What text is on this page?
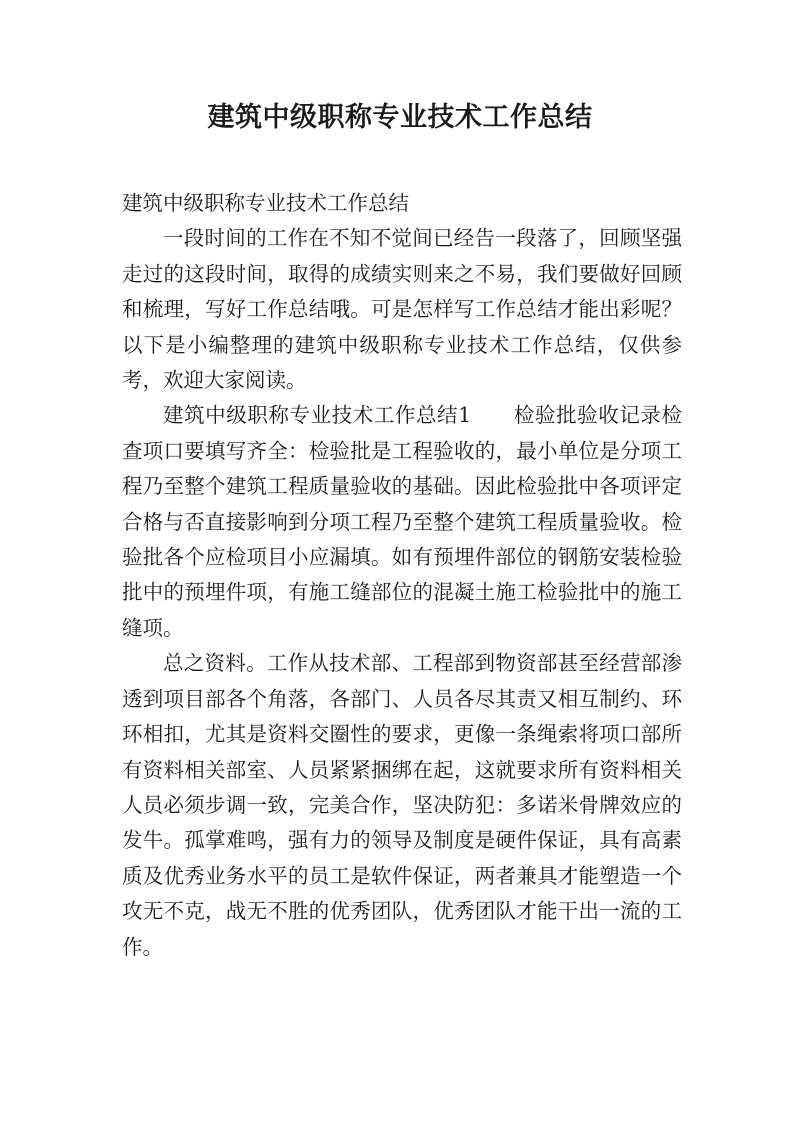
建筑中级职称专业技术工作总结

建筑中级职称专业技术工作总结

一段时间的工作在不知不觉间已经告一段落了，回顾坚强走过的这段时间，取得的成绩实则来之不易，我们要做好回顾和梳理，写好工作总结哦。可是怎样写工作总结才能出彩呢？以下是小编整理的建筑中级职称专业技术工作总结，仅供参考，欢迎大家阅读。

建筑中级职称专业技术工作总结1　　检验批验收记录检查项口要填写齐全：检验批是工程验收的，最小单位是分项工程乃至整个建筑工程质量验收的基础。因此检验批中各项评定合格与否直接影响到分项工程乃至整个建筑工程质量验收。检验批各个应检项目小应漏填。如有预埋件部位的钢筋安装检验批中的预埋件项，有施工缝部位的混凝土施工检验批中的施工缝项。

总之资料。工作从技术部、工程部到物资部甚至经营部渗透到项目部各个角落，各部门、人员各尽其责又相互制约、环环相扣，尤其是资料交圈性的要求，更像一条绳索将项口部所有资料相关部室、人员紧紧捆绑在起，这就要求所有资料相关人员必须步调一致，完美合作，坚决防犯：多诺米骨牌效应的发牛。孤掌难鸣，强有力的领导及制度是硬件保证，具有高素质及优秀业务水平的员工是软件保证，两者兼具才能塑造一个攻无不克，战无不胜的优秀团队，优秀团队才能干出一流的工作。
